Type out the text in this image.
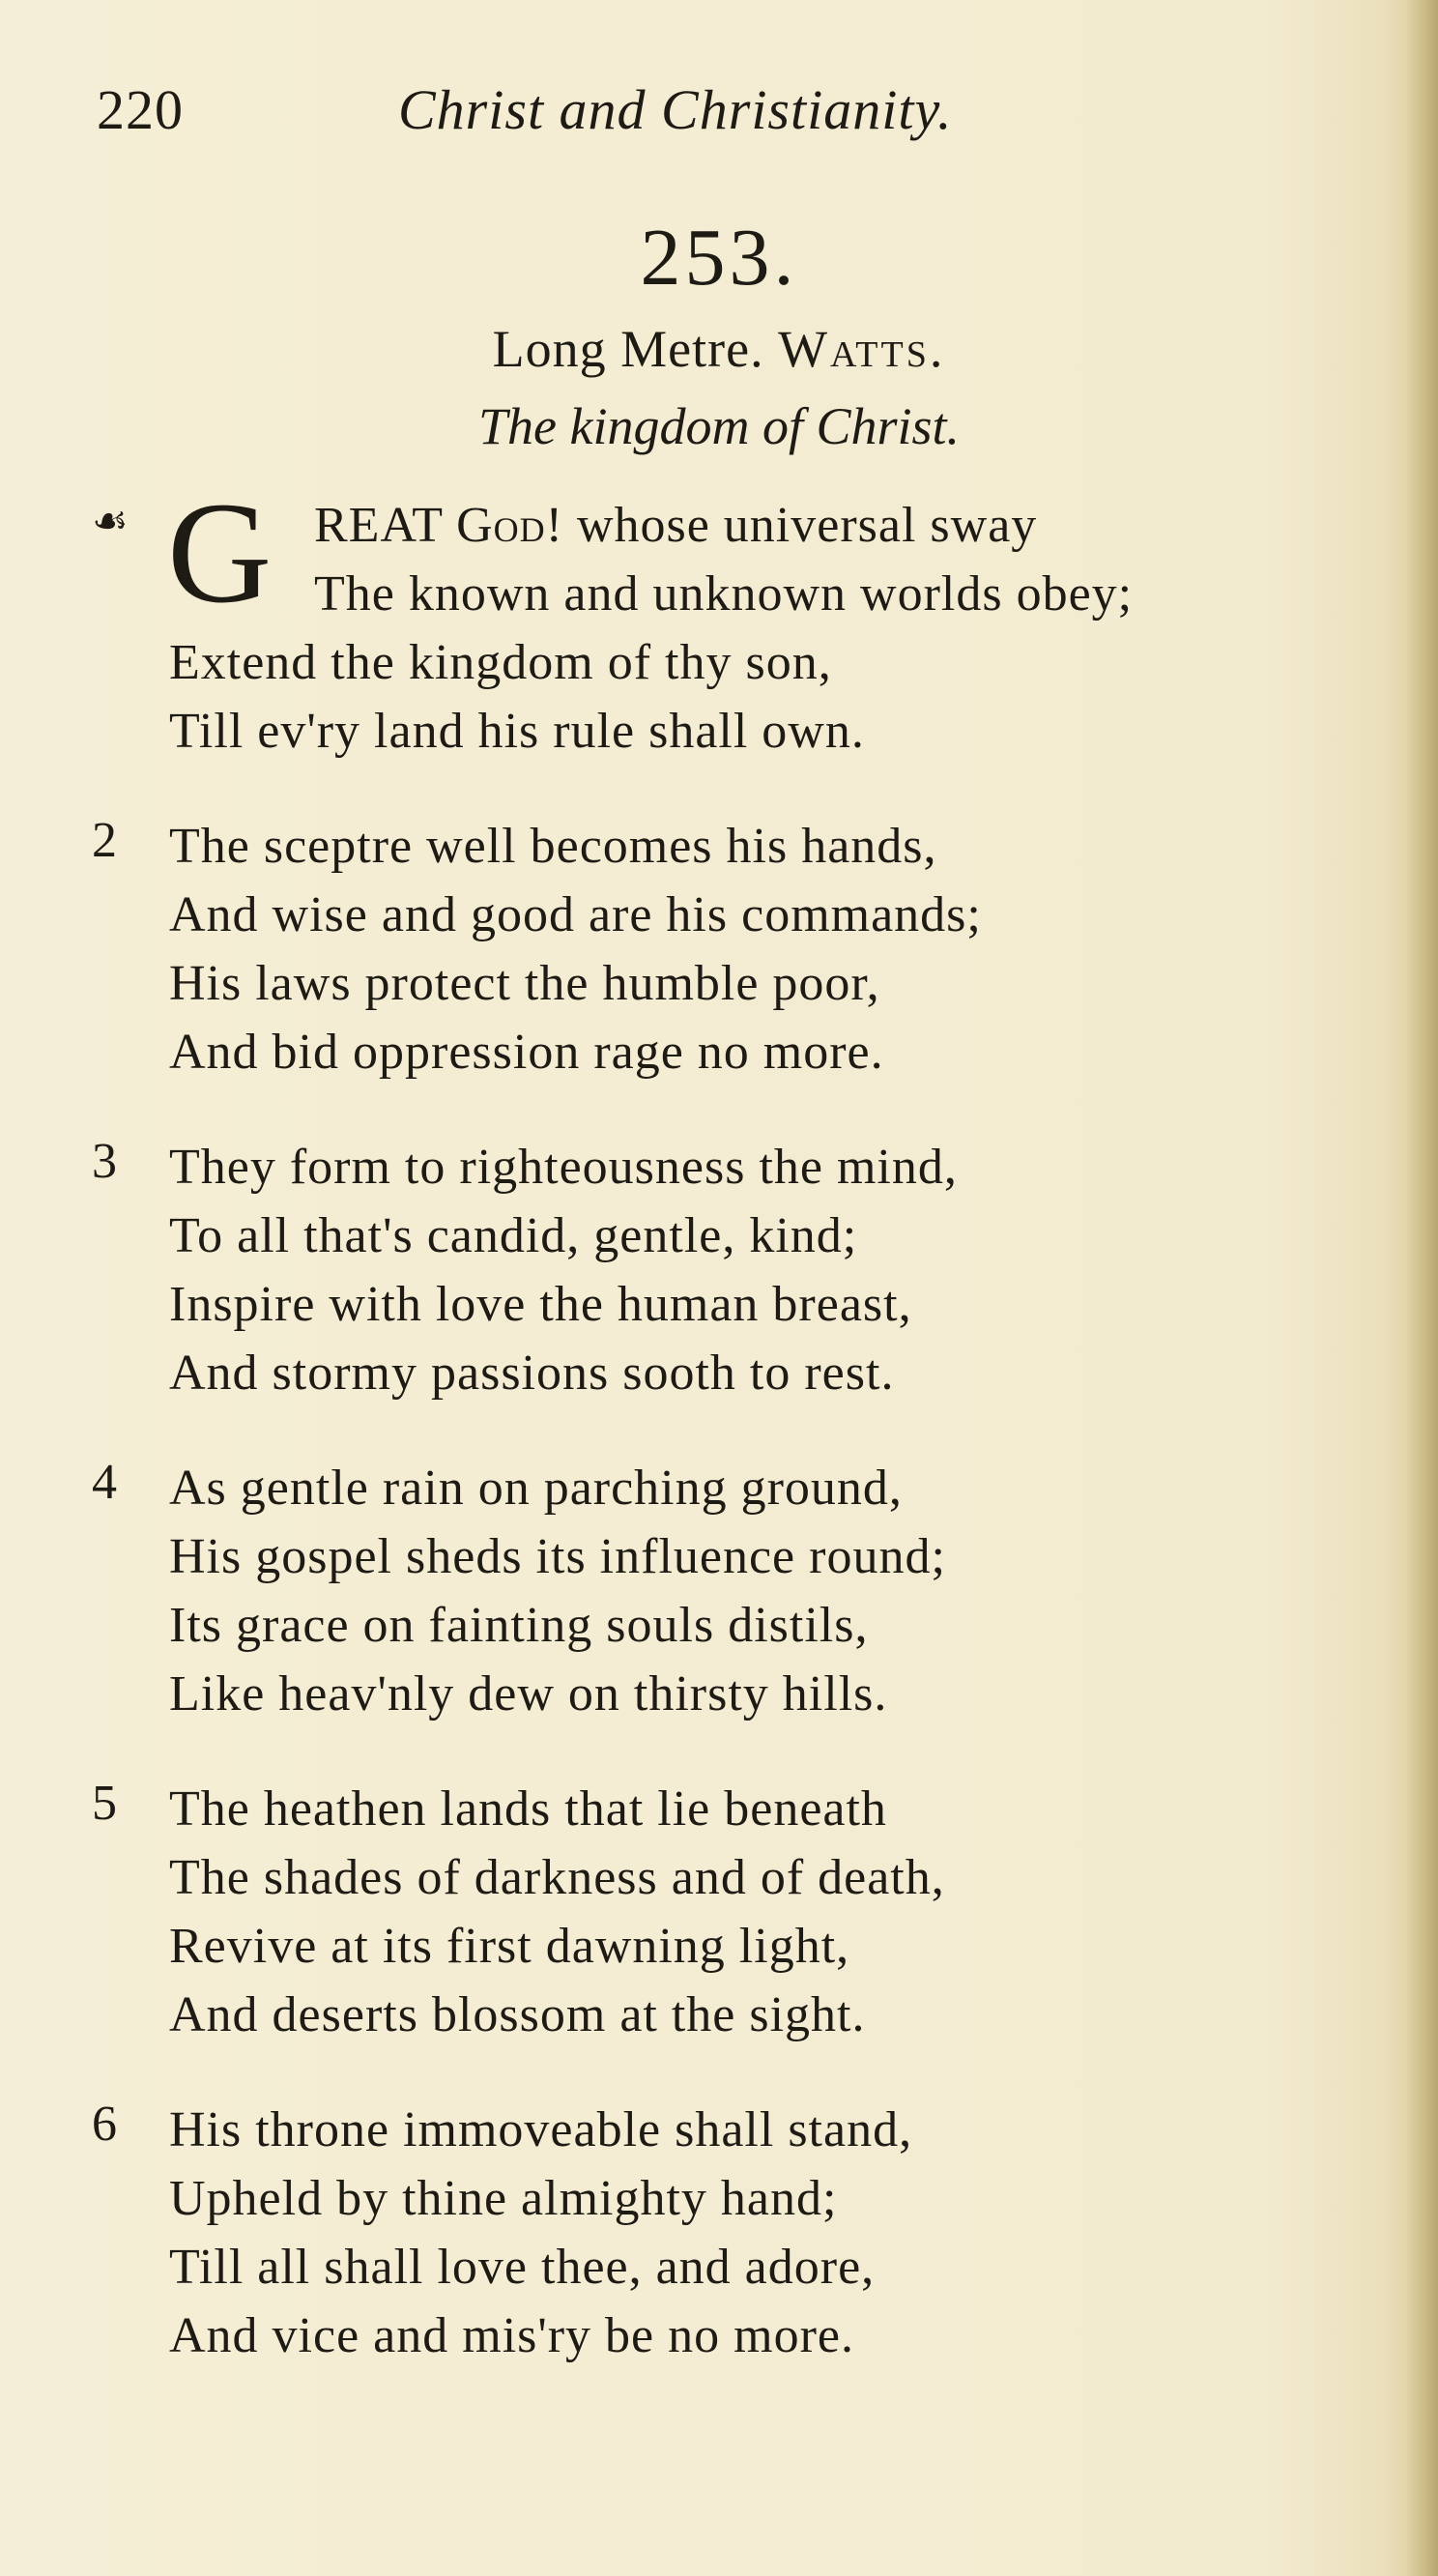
220	Christ and Christianity.
253.
Long Metre. Watts.
The kingdom of Christ.
☙ G REAT God! whose universal sway
The known and unknown worlds obey;
Extend the kingdom of thy son,
Till ev'ry land his rule shall own.
2	The sceptre well becomes his hands,
And wise and good are his commands;
His laws protect the humble poor,
And bid oppression rage no more.
3	They form to righteousness the mind,
To all that's candid, gentle, kind;
Inspire with love the human breast,
And stormy passions sooth to rest.
4	As gentle rain on parching ground,
His gospel sheds its influence round;
Its grace on fainting souls distils,
Like heav'nly dew on thirsty hills.
5	The heathen lands that lie beneath
The shades of darkness and of death,
Revive at its first dawning light,
And deserts blossom at the sight.
6	His throne immoveable shall stand,
Upheld by thine almighty hand;
Till all shall love thee, and adore,
And vice and mis'ry be no more.
